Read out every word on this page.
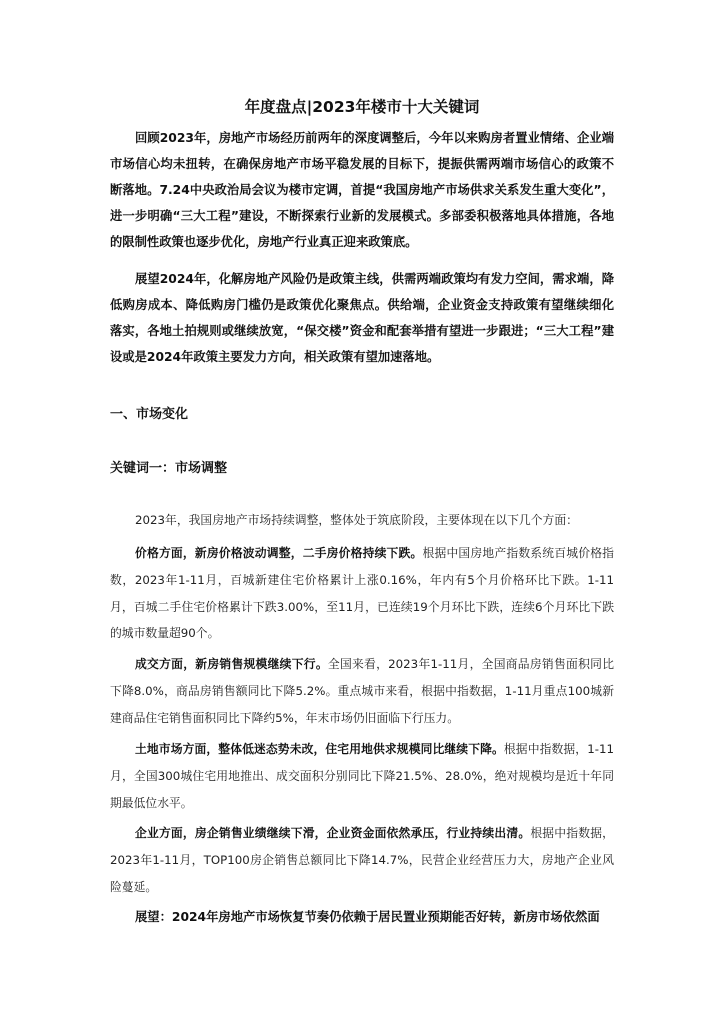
年度盘点|2023年楼市十大关键词

回顾2023年，房地产市场经历前两年的深度调整后，今年以来购房者置业情绪、企业端市场信心均未扭转，在确保房地产市场平稳发展的目标下，提振供需两端市场信心的政策不断落地。7.24中央政治局会议为楼市定调，首提“我国房地产市场供求关系发生重大变化”，进一步明确“三大工程”建设，不断探索行业新的发展模式。多部委积极落地具体措施，各地的限制性政策也逐步优化，房地产行业真正迎来政策底。

展望2024年，化解房地产风险仍是政策主线，供需两端政策均有发力空间，需求端，降低购房成本、降低购房门槛仍是政策优化聚焦点。供给端，企业资金支持政策有望继续细化落实，各地土拍规则或继续放宽，“保交楼”资金和配套举措有望进一步跟进；“三大工程”建设或是2024年政策主要发力方向，相关政策有望加速落地。

一、市场变化
关键词一：市场调整

2023年，我国房地产市场持续调整，整体处于筑底阶段，主要体现在以下几个方面：

价格方面，新房价格波动调整，二手房价格持续下跌。根据中国房地产指数系统百城价格指数，2023年1-11月，百城新建住宅价格累计上涨0.16%，年内有5个月价格环比下跌。1-11月，百城二手住宅价格累计下跌3.00%，至11月，已连续19个月环比下跌，连续6个月环比下跌的城市数量超90个。

成交方面，新房销售规模继续下行。全国来看，2023年1-11月，全国商品房销售面积同比下降8.0%，商品房销售额同比下降5.2%。重点城市来看，根据中指数据，1-11月重点100城新建商品住宅销售面积同比下降约5%，年末市场仍旧面临下行压力。

土地市场方面，整体低迷态势未改，住宅用地供求规模同比继续下降。根据中指数据，1-11月，全国300城住宅用地推出、成交面积分别同比下降21.5%、28.0%，绝对规模均是近十年同期最低位水平。

企业方面，房企销售业绩继续下滑，企业资金面依然承压，行业持续出清。根据中指数据，2023年1-11月，TOP100房企销售总额同比下降14.7%，民营企业经营压力大，房地产企业风险蔓延。

展望：2024年房地产市场恢复节奏仍依赖于居民置业预期能否好转，新房市场依然面
